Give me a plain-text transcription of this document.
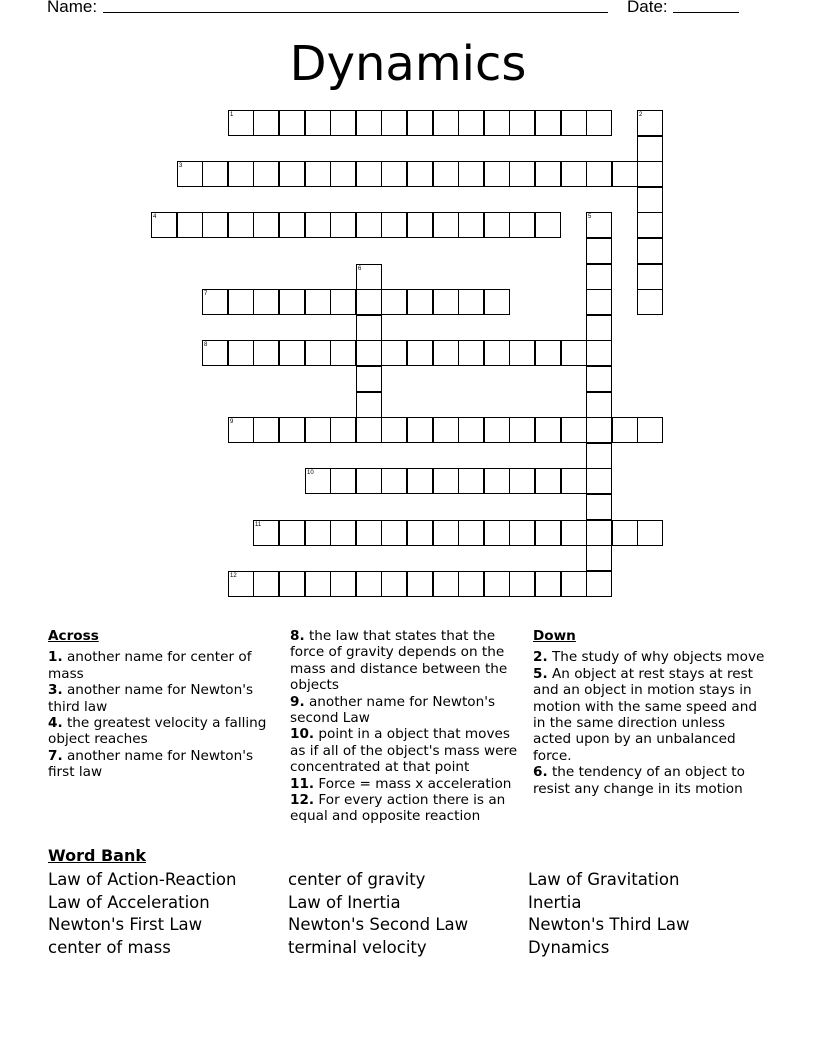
Name:	Date:
Dynamics
1	2
3
4	5
6
7
8
9
10
11
12
Across
1. another name for center of mass
3. another name for Newton's third law
4. the greatest velocity a falling object reaches
7. another name for Newton's first law
8. the law that states that the force of gravity depends on the mass and distance between the objects
9. another name for Newton's second Law
10. point in a object that moves as if all of the object's mass were concentrated at that point
11. Force = mass x acceleration
12. For every action there is an equal and opposite reaction
Down
2. The study of why objects move
5. An object at rest stays at rest and an object in motion stays in motion with the same speed and in the same direction unless acted upon by an unbalanced force.
6. the tendency of an object to resist any change in its motion
Word Bank
Law of Action-Reaction	center of gravity	Law of Gravitation
Law of Acceleration	Law of Inertia	Inertia
Newton's First Law	Newton's Second Law	Newton's Third Law
center of mass	terminal velocity	Dynamics
